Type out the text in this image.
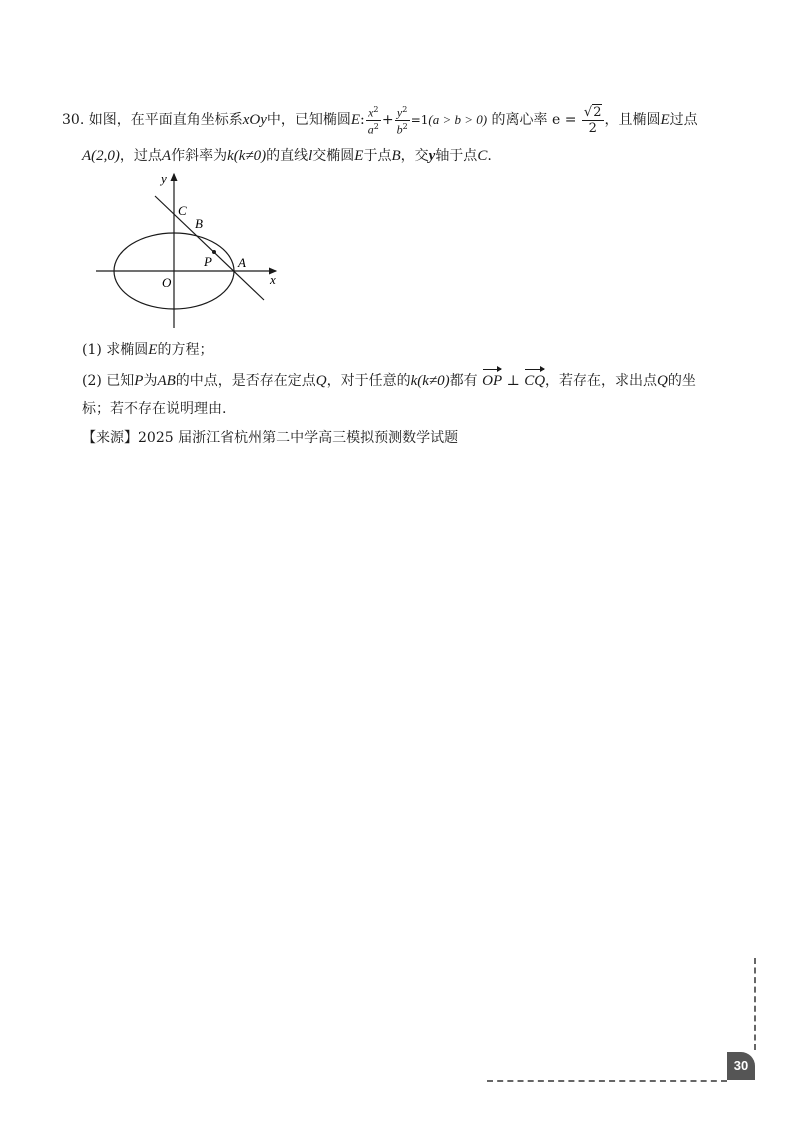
30. 如图，在平面直角坐标系xOy中，已知椭圆E: $\frac{x^2}{a^2} + \frac{y^2}{b^2} =1(a > b > 0)$ 的离心率 $e = \frac{√2}{2}$ ，且椭圆E过点
A(2,0)，过点A作斜率为k(k≠0)的直线l交椭圆E于点B，交y轴于点C.
y
x
C
B
P A
O
(1) 求椭圆E的方程；
(2) 已知P为AB的中点，是否存在定点Q，对于任意的k(k≠0)都有 OP ⊥ CQ，若存在，求出点Q的坐
标；若不存在说明理由.
【来源】2025 届浙江省杭州第二中学高三模拟预测数学试题
30
